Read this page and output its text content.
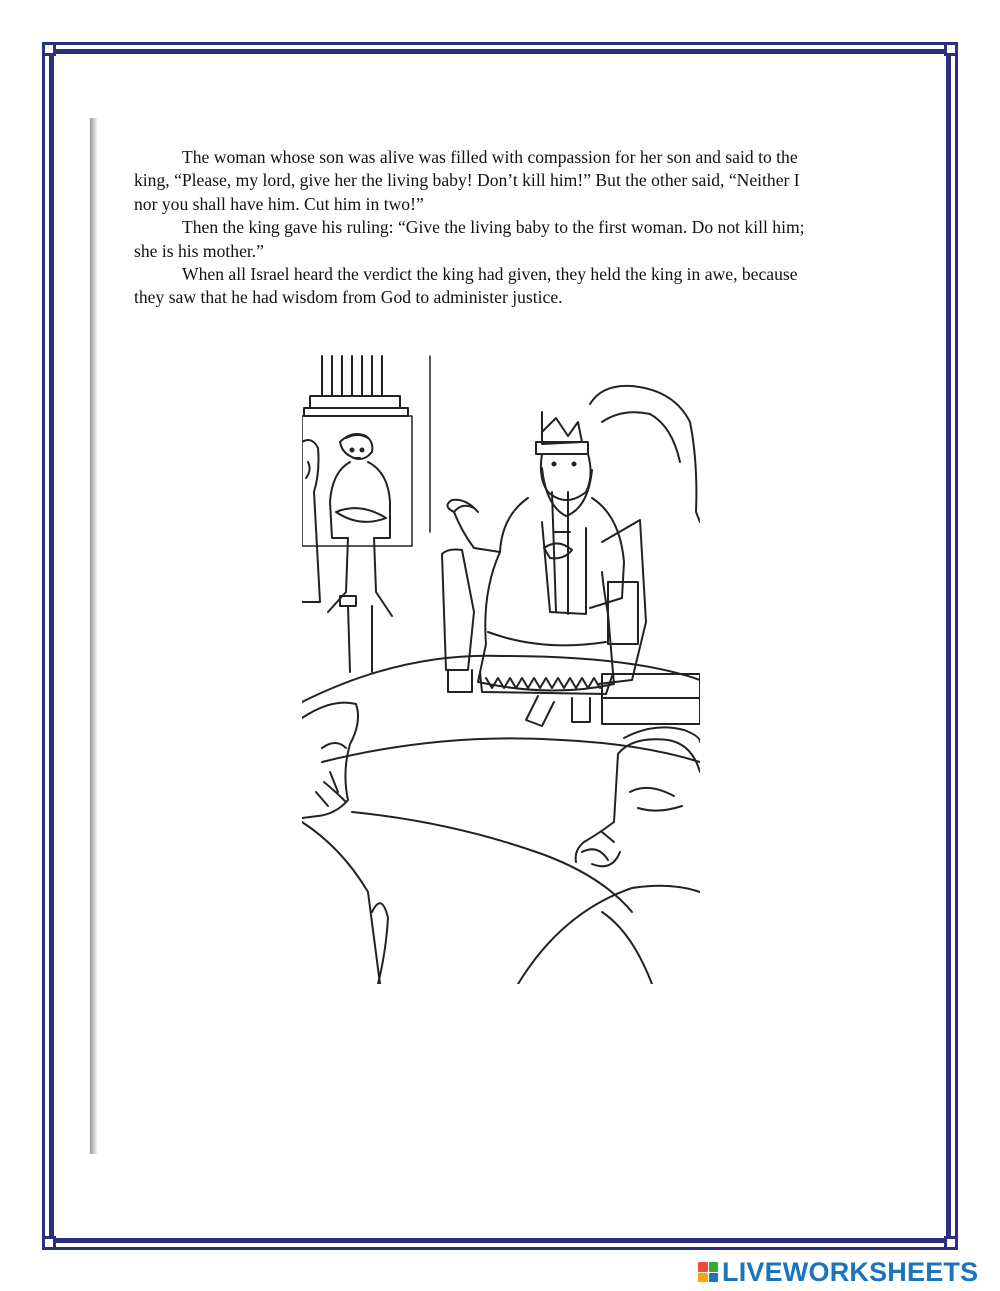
The woman whose son was alive was filled with compassion for her son and said to the king, “Please, my lord, give her the living baby! Don’t kill him!” But the other said, “Neither I nor you shall have him. Cut him in two!”

Then the king gave his ruling: “Give the living baby to the first woman. Do not kill him; she is his mother.”

When all Israel heard the verdict the king had given, they held the king in awe, because they saw that he had wisdom from God to administer justice.

LIVEWORKSHEETS
